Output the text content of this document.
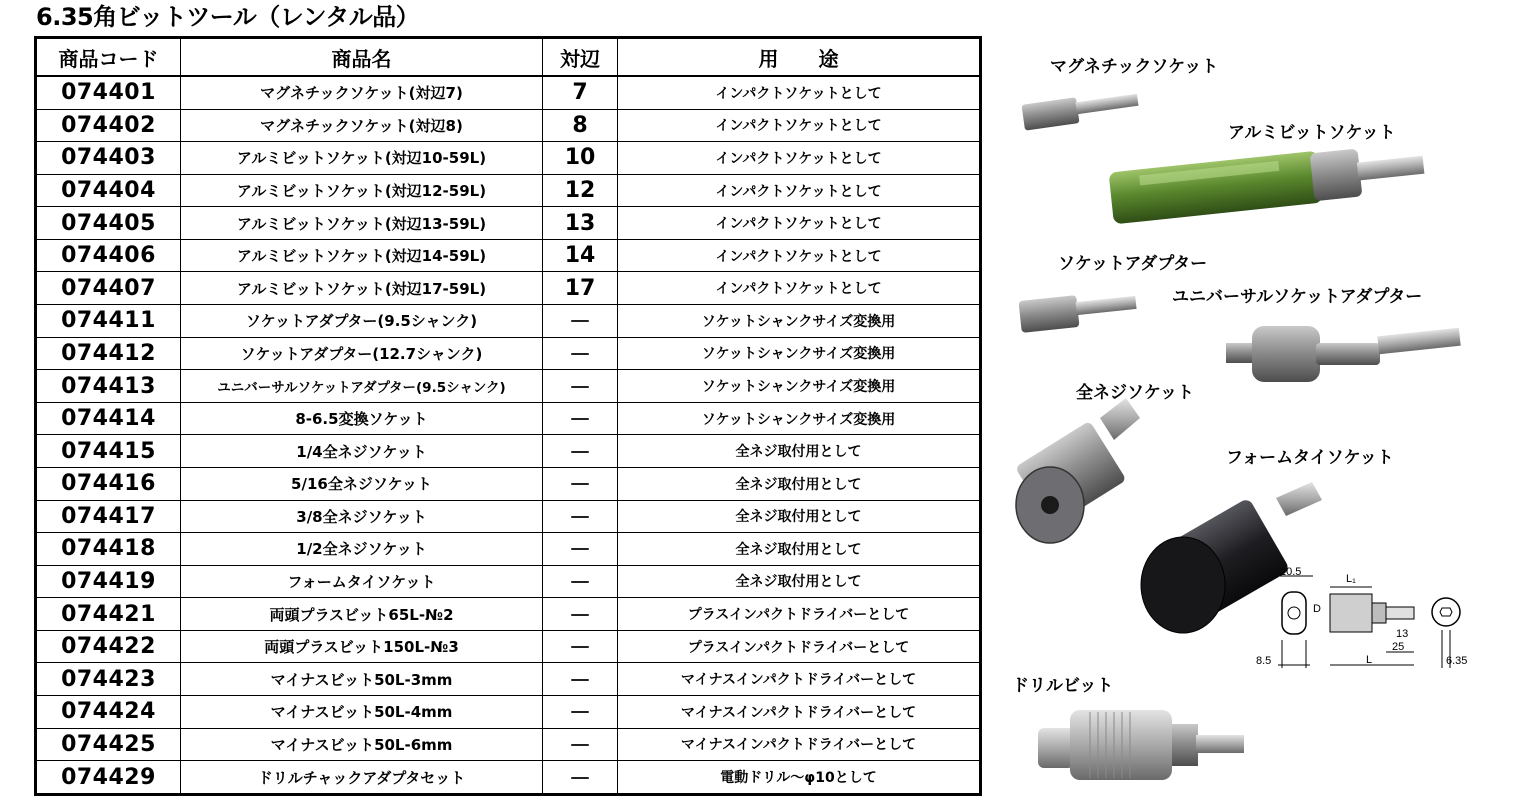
6.35角ビットツール（レンタル品）
商品コード	商品名	対辺	用　　途
074401	マグネチックソケット(対辺7)	7	インパクトソケットとして
074402	マグネチックソケット(対辺8)	8	インパクトソケットとして
074403	アルミビットソケット(対辺10-59L)	10	インパクトソケットとして
074404	アルミビットソケット(対辺12-59L)	12	インパクトソケットとして
074405	アルミビットソケット(対辺13-59L)	13	インパクトソケットとして
074406	アルミビットソケット(対辺14-59L)	14	インパクトソケットとして
074407	アルミビットソケット(対辺17-59L)	17	インパクトソケットとして
074411	ソケットアダプター(9.5シャンク)	－	ソケットシャンクサイズ変換用
074412	ソケットアダプター(12.7シャンク)	－	ソケットシャンクサイズ変換用
074413	ユニバーサルソケットアダプター(9.5シャンク)	－	ソケットシャンクサイズ変換用
074414	8-6.5変換ソケット	－	ソケットシャンクサイズ変換用
074415	1/4全ネジソケット	－	全ネジ取付用として
074416	5/16全ネジソケット	－	全ネジ取付用として
074417	3/8全ネジソケット	－	全ネジ取付用として
074418	1/2全ネジソケット	－	全ネジ取付用として
074419	フォームタイソケット	－	全ネジ取付用として
074421	両頭プラスビット65L-№2	－	プラスインパクトドライバーとして
074422	両頭プラスビット150L-№3	－	プラスインパクトドライバーとして
074423	マイナスビット50L-3mm	－	マイナスインパクトドライバーとして
074424	マイナスビット50L-4mm	－	マイナスインパクトドライバーとして
074425	マイナスビット50L-6mm	－	マイナスインパクトドライバーとして
074429	ドリルチャックアダプタセット	－	電動ドリル～φ10として
20.5
8.5
L₁
D
13
L
25
6.35
マグネチックソケット
アルミビットソケット
ソケットアダプター
ユニバーサルソケットアダプター
全ネジソケット
フォームタイソケット
ドリルビット
